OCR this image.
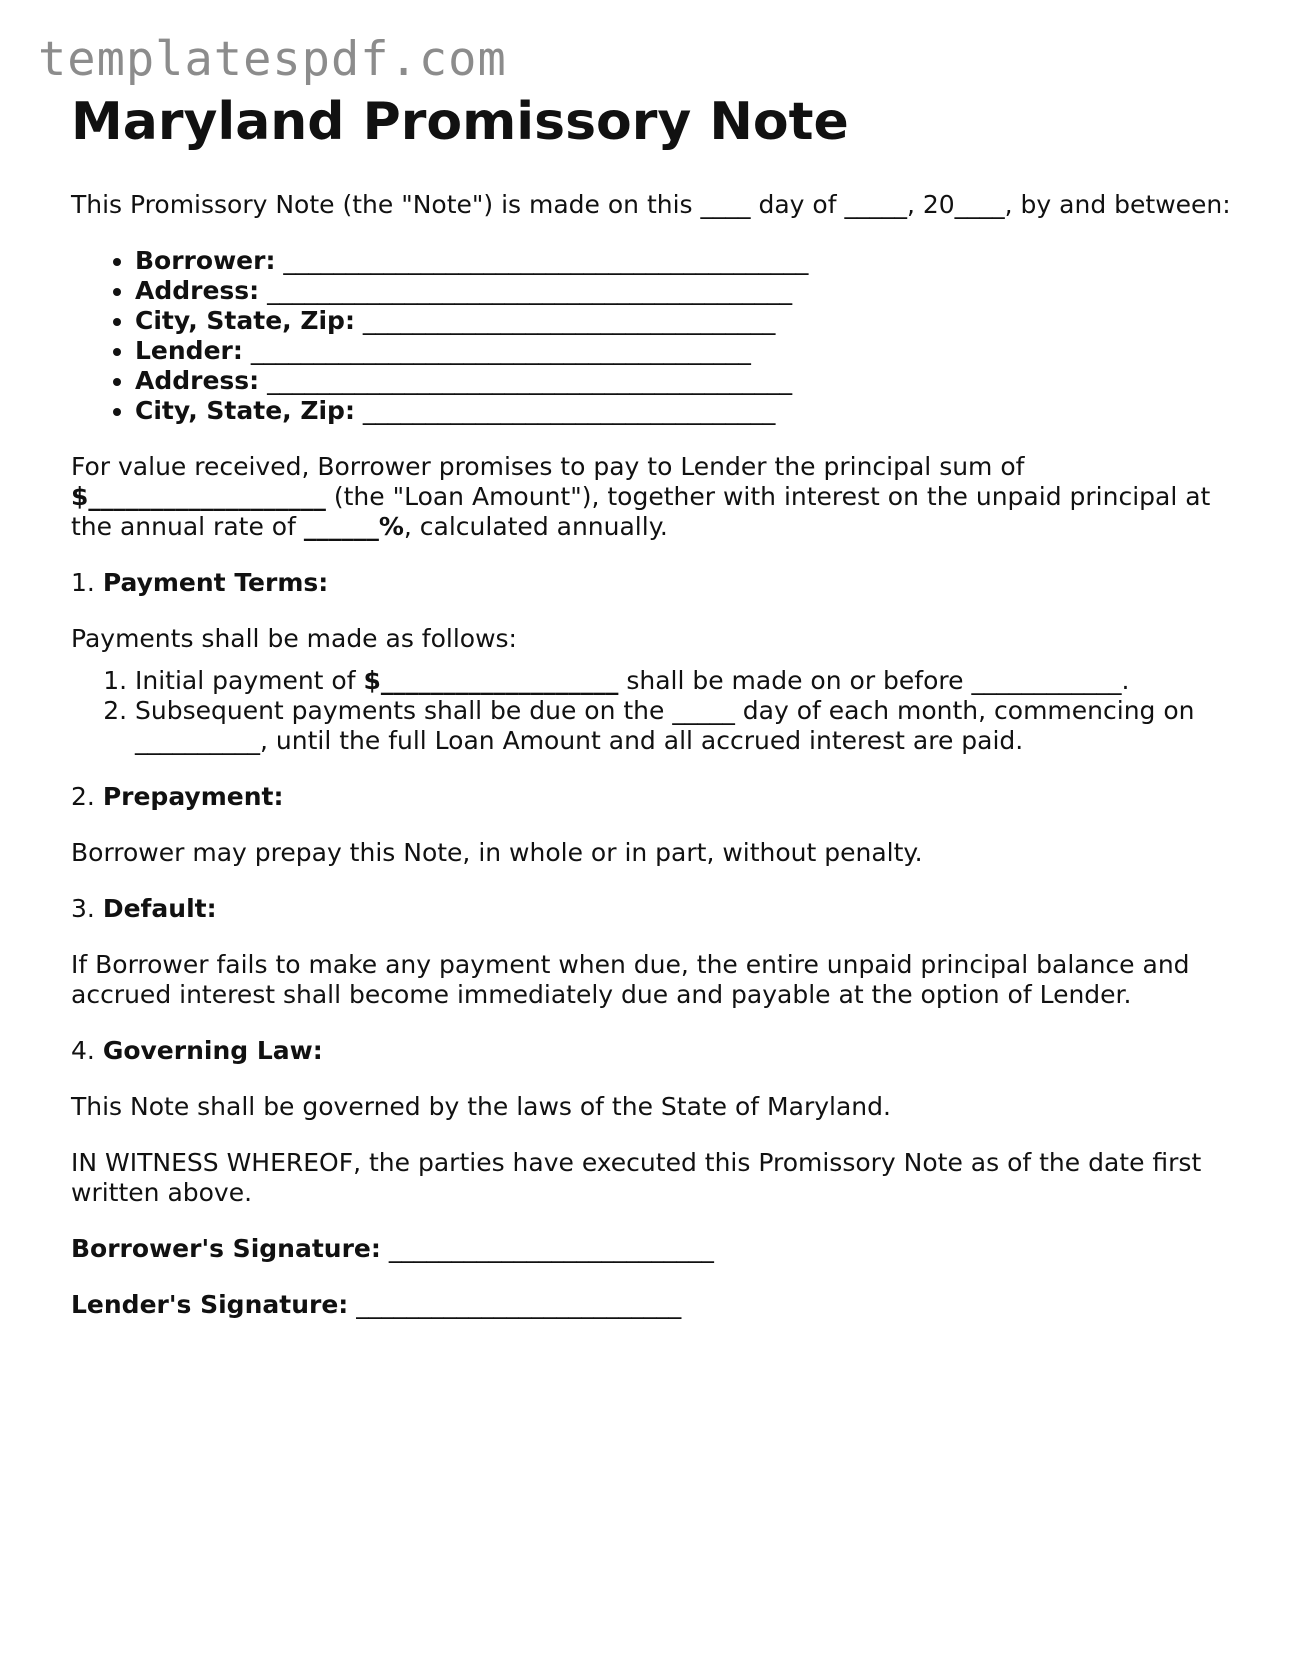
templatespdf.com
Maryland Promissory Note

This Promissory Note (the "Note") is made on this ____ day of _____, 20____, by and between:

• Borrower: __________________________________________
• Address: __________________________________________
• City, State, Zip: _________________________________
• Lender: ________________________________________
• Address: __________________________________________
• City, State, Zip: _________________________________

For value received, Borrower promises to pay to Lender the principal sum of $___________________ (the "Loan Amount"), together with interest on the unpaid principal at the annual rate of ______%, calculated annually.

1. Payment Terms:

Payments shall be made as follows:

1. Initial payment of $___________________ shall be made on or before ____________.
2. Subsequent payments shall be due on the _____ day of each month, commencing on __________, until the full Loan Amount and all accrued interest are paid.

2. Prepayment:

Borrower may prepay this Note, in whole or in part, without penalty.

3. Default:

If Borrower fails to make any payment when due, the entire unpaid principal balance and accrued interest shall become immediately due and payable at the option of Lender.

4. Governing Law:

This Note shall be governed by the laws of the State of Maryland.

IN WITNESS WHEREOF, the parties have executed this Promissory Note as of the date first written above.

Borrower's Signature: __________________________

Lender's Signature: __________________________
